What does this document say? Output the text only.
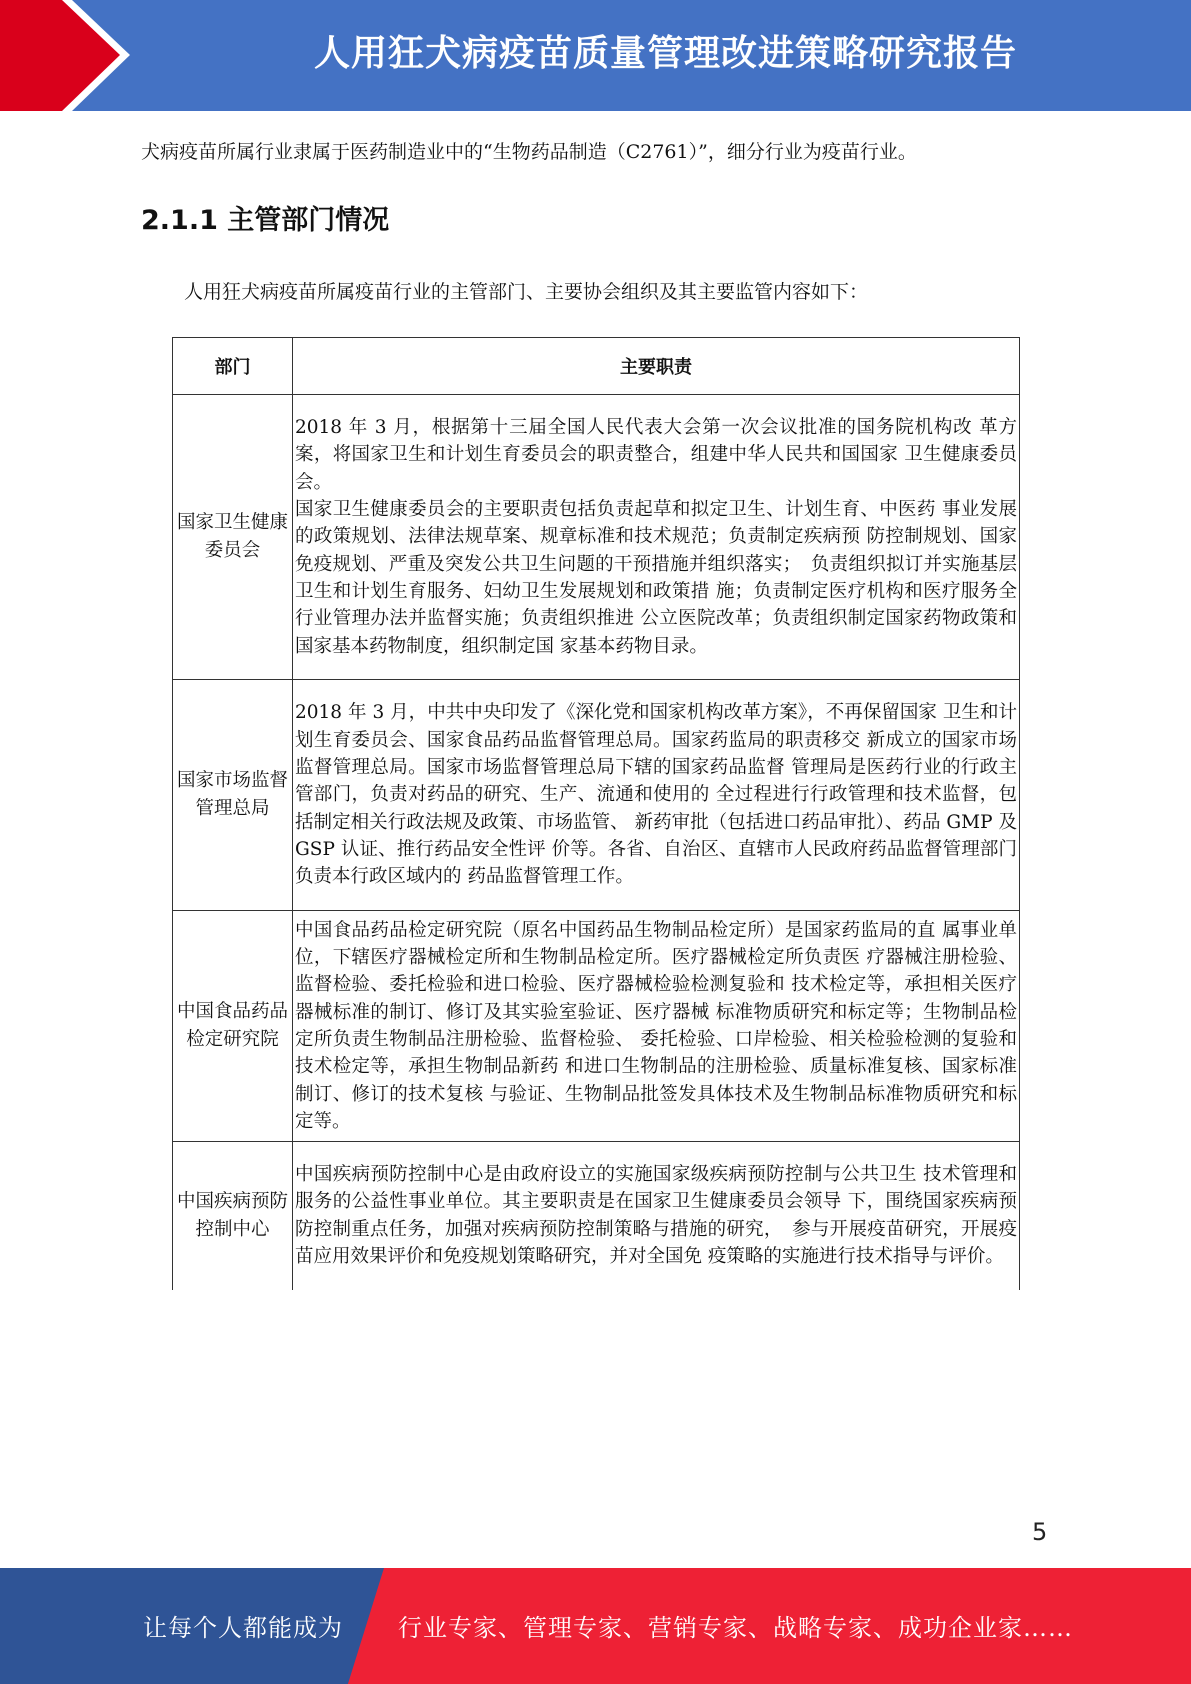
人用狂犬病疫苗质量管理改进策略研究报告
犬病疫苗所属行业隶属于医药制造业中的“生物药品制造（C2761）”，细分行业为疫苗行业。
2.1.1 主管部门情况
人用狂犬病疫苗所属疫苗行业的主管部门、主要协会组织及其主要监管内容如下：
部门	主要职责
国家卫生健康委员会	2018 年 3 月，根据第十三届全国人民代表大会第一次会议批准的国务院机构改 革方案，将国家卫生和计划生育委员会的职责整合，组建中华人民共和国国家 卫生健康委员会。
国家卫生健康委员会的主要职责包括负责起草和拟定卫生、计划生育、中医药 事业发展的政策规划、法律法规草案、规章标准和技术规范；负责制定疾病预 防控制规划、国家免疫规划、严重及突发公共卫生问题的干预措施并组织落实；　负责组织拟订并实施基层卫生和计划生育服务、妇幼卫生发展规划和政策措 施；负责制定医疗机构和医疗服务全行业管理办法并监督实施；负责组织推进 公立医院改革；负责组织制定国家药物政策和国家基本药物制度，组织制定国 家基本药物目录。
国家市场监督管理总局	2018 年 3 月，中共中央印发了《深化党和国家机构改革方案》，不再保留国家 卫生和计划生育委员会、国家食品药品监督管理总局。国家药监局的职责移交 新成立的国家市场监督管理总局。国家市场监督管理总局下辖的国家药品监督 管理局是医药行业的行政主管部门，负责对药品的研究、生产、流通和使用的 全过程进行行政管理和技术监督，包括制定相关行政法规及政策、市场监管、 新药审批（包括进口药品审批）、药品 GMP 及 GSP 认证、推行药品安全性评 价等。各省、自治区、直辖市人民政府药品监督管理部门负责本行政区域内的 药品监督管理工作。
中国食品药品检定研究院	中国食品药品检定研究院（原名中国药品生物制品检定所）是国家药监局的直 属事业单位，下辖医疗器械检定所和生物制品检定所。医疗器械检定所负责医 疗器械注册检验、监督检验、委托检验和进口检验、医疗器械检验检测复验和 技术检定等，承担相关医疗器械标准的制订、修订及其实验室验证、医疗器械 标准物质研究和标定等；生物制品检定所负责生物制品注册检验、监督检验、 委托检验、口岸检验、相关检验检测的复验和技术检定等，承担生物制品新药 和进口生物制品的注册检验、质量标准复核、国家标准制订、修订的技术复核 与验证、生物制品批签发具体技术及生物制品标准物质研究和标定等。
中国疾病预防控制中心	中国疾病预防控制中心是由政府设立的实施国家级疾病预防控制与公共卫生 技术管理和服务的公益性事业单位。其主要职责是在国家卫生健康委员会领导 下，围绕国家疾病预防控制重点任务，加强对疾病预防控制策略与措施的研究，　参与开展疫苗研究，开展疫苗应用效果评价和免疫规划策略研究，并对全国免 疫策略的实施进行技术指导与评价。
5
让每个人都能成为 行业专家、管理专家、营销专家、战略专家、成功企业家……
